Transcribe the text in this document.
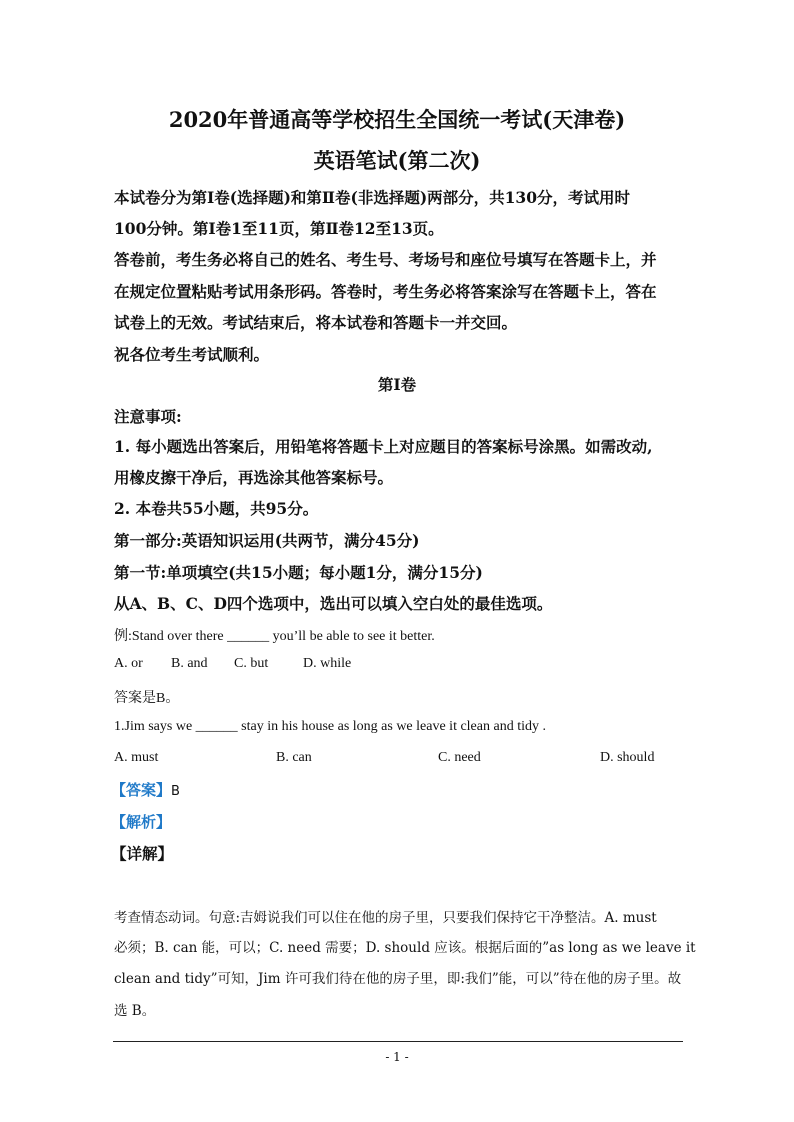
2020年普通高等学校招生全国统一考试(天津卷)
英语笔试(第二次)
本试卷分为第Ⅰ卷(选择题)和第Ⅱ卷(非选择题)两部分，共130分，考试用时
100分钟。第Ⅰ卷1至11页，第Ⅱ卷12至13页。
答卷前，考生务必将自己的姓名、考生号、考场号和座位号填写在答题卡上，并
在规定位置粘贴考试用条形码。答卷时，考生务必将答案涂写在答题卡上，答在
试卷上的无效。考试结束后，将本试卷和答题卡一并交回。
祝各位考生考试顺利。
第Ⅰ卷
注意事项:
1. 每小题选出答案后，用铅笔将答题卡上对应题目的答案标号涂黑。如需改动,
用橡皮擦干净后，再选涂其他答案标号。
2. 本卷共55小题，共95分。
第一部分:英语知识运用(共两节，满分45分)
第一节:单项填空(共15小题；每小题1分，满分15分)
从A、B、C、D四个选项中，选出可以填入空白处的最佳选项。
例:Stand over there ______ you’ll be able to see it better.
A. or B. and C. but D. while
答案是B。
1.Jim says we ______ stay in his house as long as we leave it clean and tidy .
A. must	B. can	C. need	D. should
【答案】B
【解析】
【详解】
考查情态动词。句意:吉姆说我们可以住在他的房子里，只要我们保持它干净整洁。A. must
必须；B. can 能，可以；C. need 需要；D. should 应该。根据后面的”as long as we leave it
clean and tidy”可知，Jim 许可我们待在他的房子里，即:我们”能，可以”待在他的房子里。故
选 B。
- 1 -
